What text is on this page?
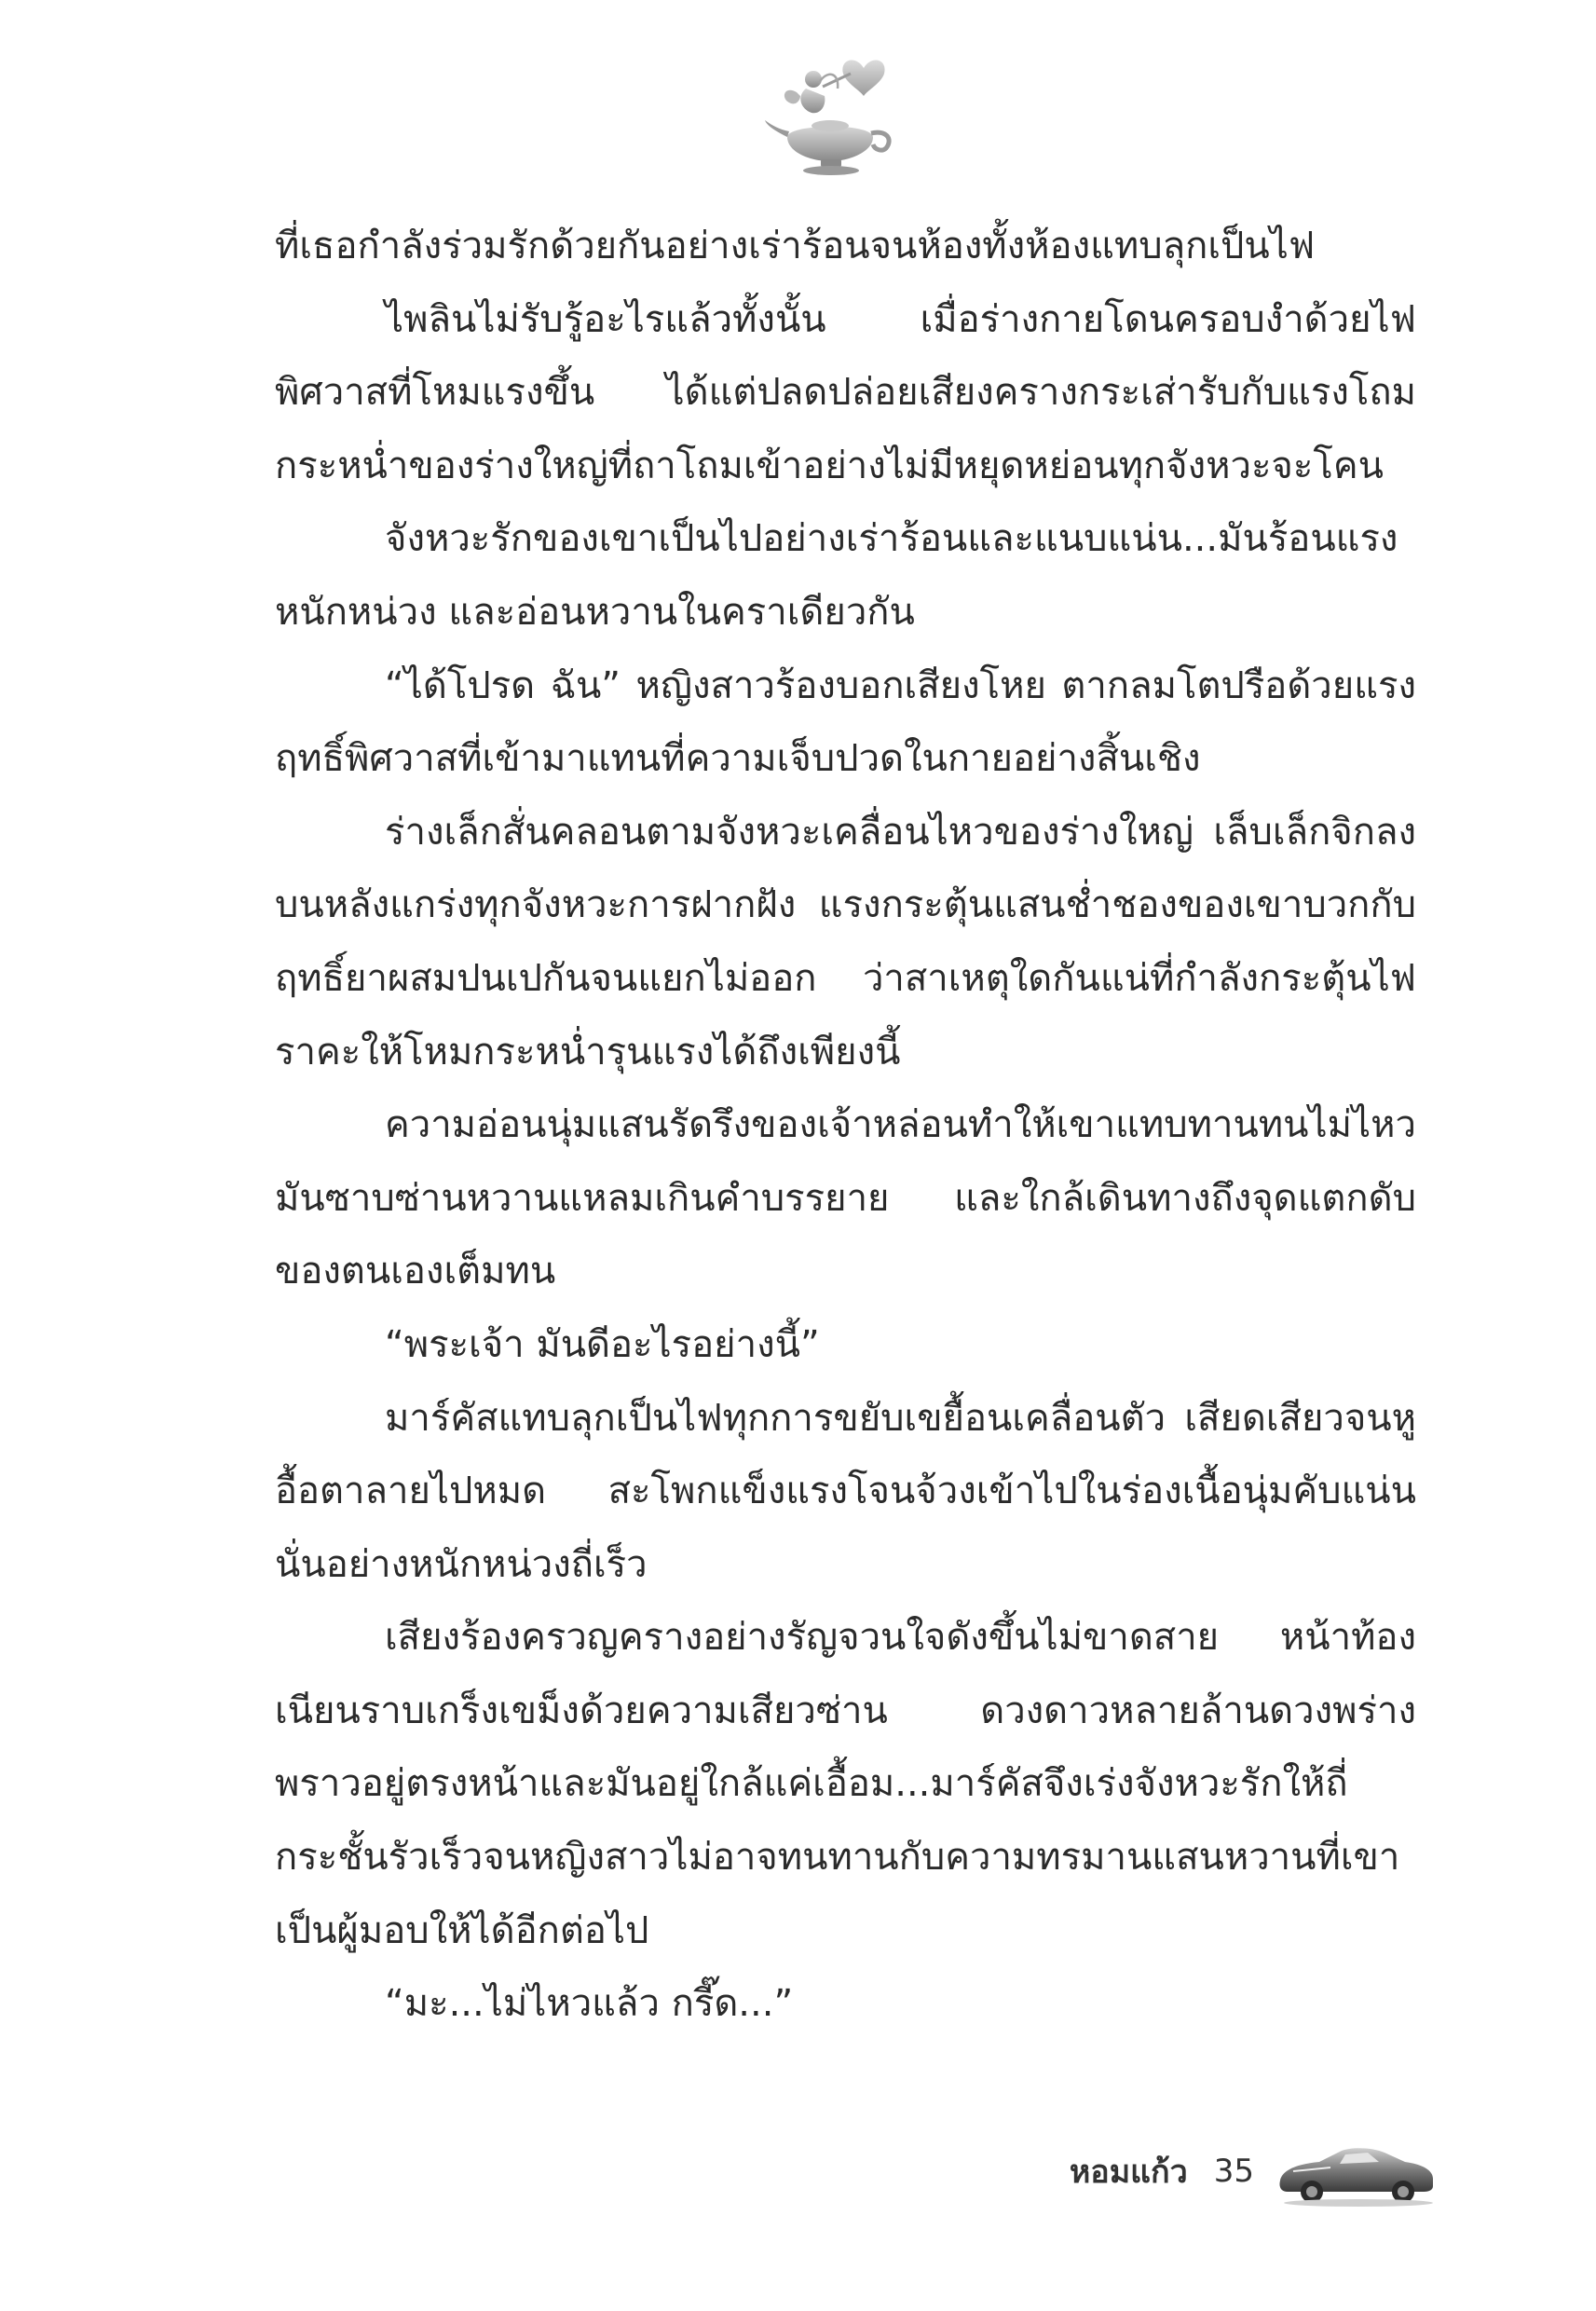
ที่เธอกำลังร่วมรักด้วยกันอย่างเร่าร้อนจนห้องทั้งห้องแทบลุกเป็นไฟ

ไพลินไม่รับรู้อะไรแล้วทั้งนั้น เมื่อร่างกายโดนครอบงำด้วยไฟพิศวาสที่โหมแรงขึ้น ได้แต่ปลดปล่อยเสียงครางกระเส่ารับกับแรงโถมกระหน่ำของร่างใหญ่ที่ถาโถมเข้าอย่างไม่มีหยุดหย่อนทุกจังหวะจะโคน

จังหวะรักของเขาเป็นไปอย่างเร่าร้อนและแนบแน่น...มันร้อนแรงหนักหน่วง และอ่อนหวานในคราเดียวกัน

“ได้โปรด ฉัน” หญิงสาวร้องบอกเสียงโหย ตากลมโตปรือด้วยแรงฤทธิ์พิศวาสที่เข้ามาแทนที่ความเจ็บปวดในกายอย่างสิ้นเชิง

ร่างเล็กสั่นคลอนตามจังหวะเคลื่อนไหวของร่างใหญ่ เล็บเล็กจิกลงบนหลังแกร่งทุกจังหวะการฝากฝัง แรงกระตุ้นแสนช่ำชองของเขาบวกกับฤทธิ์ยาผสมปนเปกันจนแยกไม่ออก ว่าสาเหตุใดกันแน่ที่กำลังกระตุ้นไฟราคะให้โหมกระหน่ำรุนแรงได้ถึงเพียงนี้

ความอ่อนนุ่มแสนรัดรึงของเจ้าหล่อนทำให้เขาแทบทานทนไม่ไหว มันซาบซ่านหวานแหลมเกินคำบรรยาย และใกล้เดินทางถึงจุดแตกดับของตนเองเต็มทน

“พระเจ้า มันดีอะไรอย่างนี้”

มาร์คัสแทบลุกเป็นไฟทุกการขยับเขยื้อนเคลื่อนตัว เสียดเสียวจนหูอื้อตาลายไปหมด สะโพกแข็งแรงโจนจ้วงเข้าไปในร่องเนื้อนุ่มคับแน่นนั่นอย่างหนักหน่วงถี่เร็ว

เสียงร้องครวญครางอย่างรัญจวนใจดังขึ้นไม่ขาดสาย หน้าท้องเนียนราบเกร็งเขม็งด้วยความเสียวซ่าน ดวงดาวหลายล้านดวงพร่างพราวอยู่ตรงหน้าและมันอยู่ใกล้แค่เอื้อม...มาร์คัสจึงเร่งจังหวะรักให้ถี่กระชั้นรัวเร็วจนหญิงสาวไม่อาจทนทานกับความทรมานแสนหวานที่เขาเป็นผู้มอบให้ได้อีกต่อไป

“มะ...ไม่ไหวแล้ว กรี๊ด...”

หอมแก้ว 35
